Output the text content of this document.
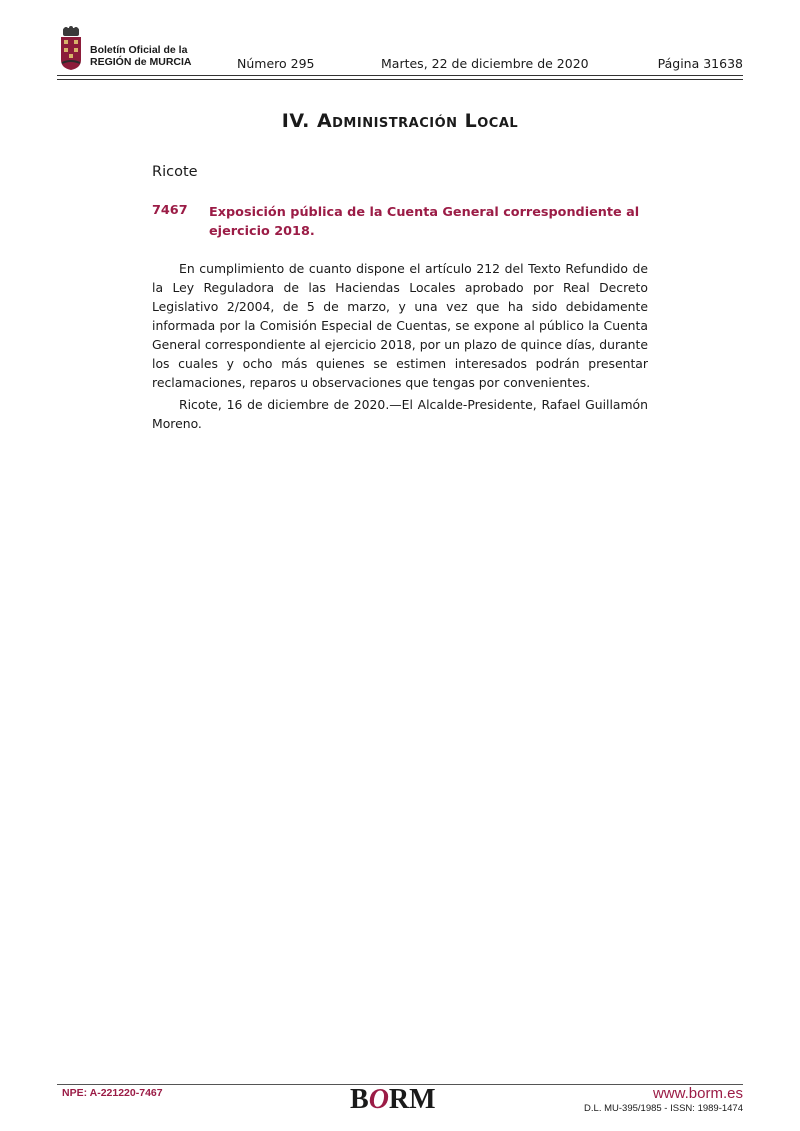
Boletín Oficial de la
REGIÓN de MURCIA	Número 295	Martes, 22 de diciembre de 2020	Página 31638
IV. Administración Local
Ricote
7467 Exposición pública de la Cuenta General correspondiente al ejercicio 2018.

En cumplimiento de cuanto dispone el artículo 212 del Texto Refundido de la Ley Reguladora de las Haciendas Locales aprobado por Real Decreto Legislativo 2/2004, de 5 de marzo, y una vez que ha sido debidamente informada por la Comisión Especial de Cuentas, se expone al público la Cuenta General correspondiente al ejercicio 2018, por un plazo de quince días, durante los cuales y ocho más quienes se estimen interesados podrán presentar reclamaciones, reparos u observaciones que tengas por convenientes.

Ricote, 16 de diciembre de 2020.—El Alcalde-Presidente, Rafael Guillamón Moreno.

NPE: A-221220-7467	BORM	www.borm.es
D.L. MU-395/1985 - ISSN: 1989-1474
